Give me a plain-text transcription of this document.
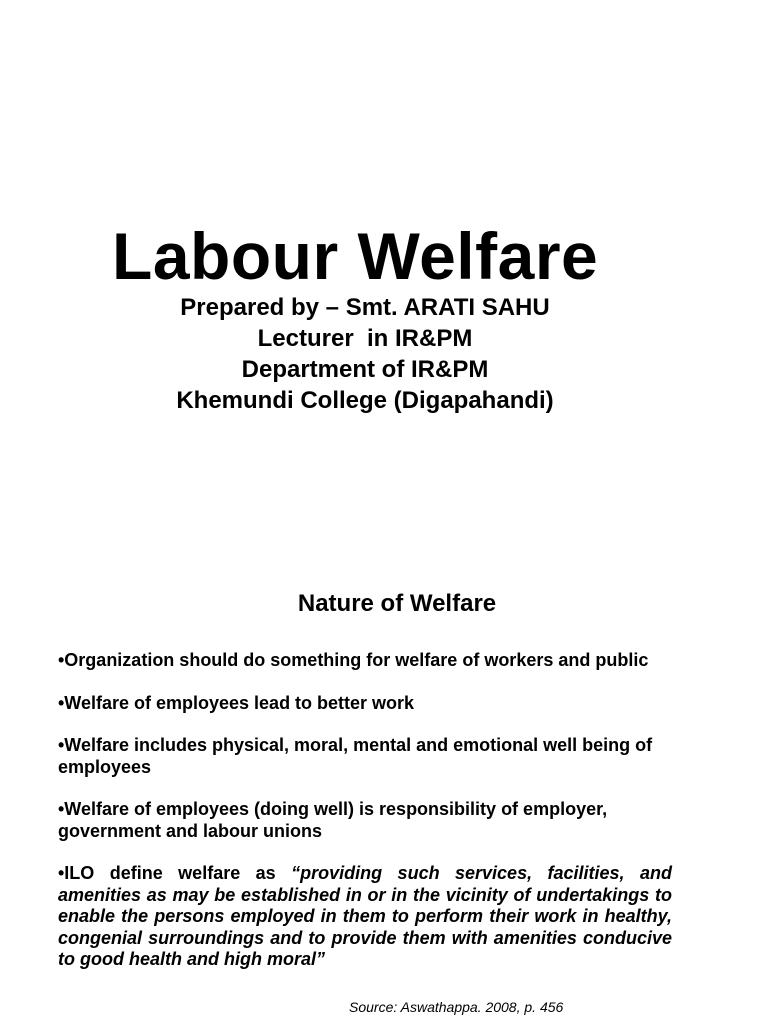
Labour Welfare
Prepared by – Smt. ARATI SAHU
Lecturer  in IR&PM
Department of IR&PM
Khemundi College (Digapahandi)
Nature of Welfare
•Organization should do something for welfare of workers and public
•Welfare of employees lead to better work
•Welfare includes physical, moral, mental and emotional well being of employees
•Welfare of employees (doing well) is responsibility of employer, government and labour unions
•ILO define welfare as “providing such services, facilities, and amenities as may be established in or in the vicinity of undertakings to enable the persons employed in them to perform their work in healthy, congenial surroundings and to provide them with amenities conducive to good health and high moral”
Source: Aswathappa. 2008, p. 456
